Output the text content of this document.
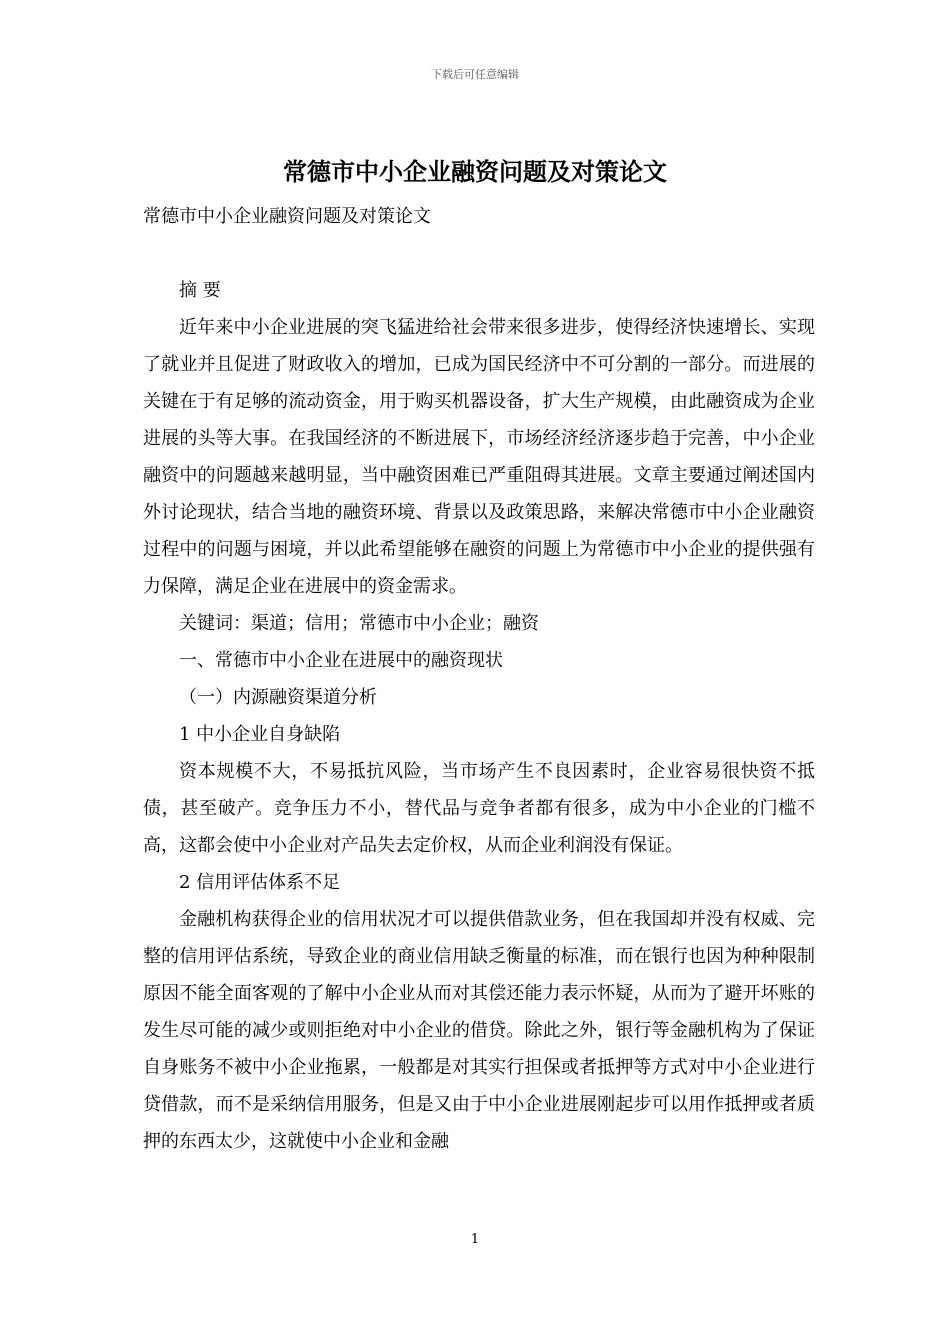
下载后可任意编辑
常德市中小企业融资问题及对策论文

常德市中小企业融资问题及对策论文

摘 要

近年来中小企业进展的突飞猛进给社会带来很多进步，使得经济快速增长、实现了就业并且促进了财政收入的增加，已成为国民经济中不可分割的一部分。而进展的关键在于有足够的流动资金，用于购买机器设备，扩大生产规模，由此融资成为企业进展的头等大事。在我国经济的不断进展下，市场经济经济逐步趋于完善，中小企业融资中的问题越来越明显，当中融资困难已严重阻碍其进展。文章主要通过阐述国内外讨论现状，结合当地的融资环境、背景以及政策思路，来解决常德市中小企业融资过程中的问题与困境，并以此希望能够在融资的问题上为常德市中小企业的提供强有力保障，满足企业在进展中的资金需求。

关键词：渠道；信用；常德市中小企业；融资

一、常德市中小企业在进展中的融资现状

（一）内源融资渠道分析

1 中小企业自身缺陷

资本规模不大，不易抵抗风险，当市场产生不良因素时，企业容易很快资不抵债，甚至破产。竞争压力不小，替代品与竞争者都有很多，成为中小企业的门槛不高，这都会使中小企业对产品失去定价权，从而企业利润没有保证。

2 信用评估体系不足

金融机构获得企业的信用状况才可以提供借款业务，但在我国却并没有权威、完整的信用评估系统，导致企业的商业信用缺乏衡量的标准，而在银行也因为种种限制原因不能全面客观的了解中小企业从而对其偿还能力表示怀疑，从而为了避开坏账的发生尽可能的减少或则拒绝对中小企业的借贷。除此之外，银行等金融机构为了保证自身账务不被中小企业拖累，一般都是对其实行担保或者抵押等方式对中小企业进行贷借款，而不是采纳信用服务，但是又由于中小企业进展刚起步可以用作抵押或者质押的东西太少，这就使中小企业和金融

1
